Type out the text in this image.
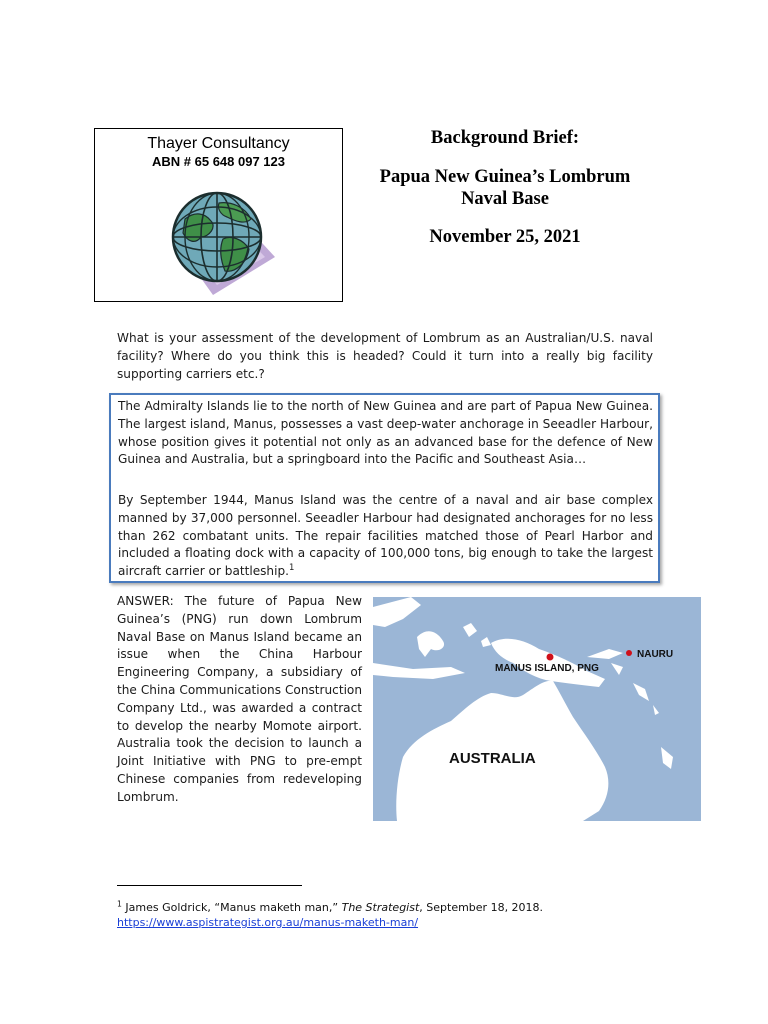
Thayer Consultancy
ABN # 65 648 097 123
Background Brief:
Papua New Guinea’s Lombrum
Naval Base
November 25, 2021
What is your assessment of the development of Lombrum as an Australian/U.S. naval facility? Where do you think this is headed? Could it turn into a really big facility supporting carriers etc.?
The Admiralty Islands lie to the north of New Guinea and are part of Papua New Guinea. The largest island, Manus, possesses a vast deep-water anchorage in Seeadler Harbour, whose position gives it potential not only as an advanced base for the defence of New Guinea and Australia, but a springboard into the Pacific and Southeast Asia…
By September 1944, Manus Island was the centre of a naval and air base complex manned by 37,000 personnel. Seeadler Harbour had designated anchorages for no less than 262 combatant units. The repair facilities matched those of Pearl Harbor and included a floating dock with a capacity of 100,000 tons, big enough to take the largest aircraft carrier or battleship.$^1$
ANSWER: The future of Papua New Guinea’s (PNG) run down Lombrum Naval Base on Manus Island became an issue when the China Harbour Engineering Company, a subsidiary of the China Communications Construction Company Ltd., was awarded a contract to develop the nearby Momote airport. Australia took the decision to launch a Joint Initiative with PNG to pre-empt Chinese companies from redeveloping Lombrum.
MANUS ISLAND, PNG
NAURU
AUSTRALIA
$^1$ James Goldrick, “Manus maketh man,” The Strategist, September 18, 2018.
https://www.aspistrategist.org.au/manus-maketh-man/
